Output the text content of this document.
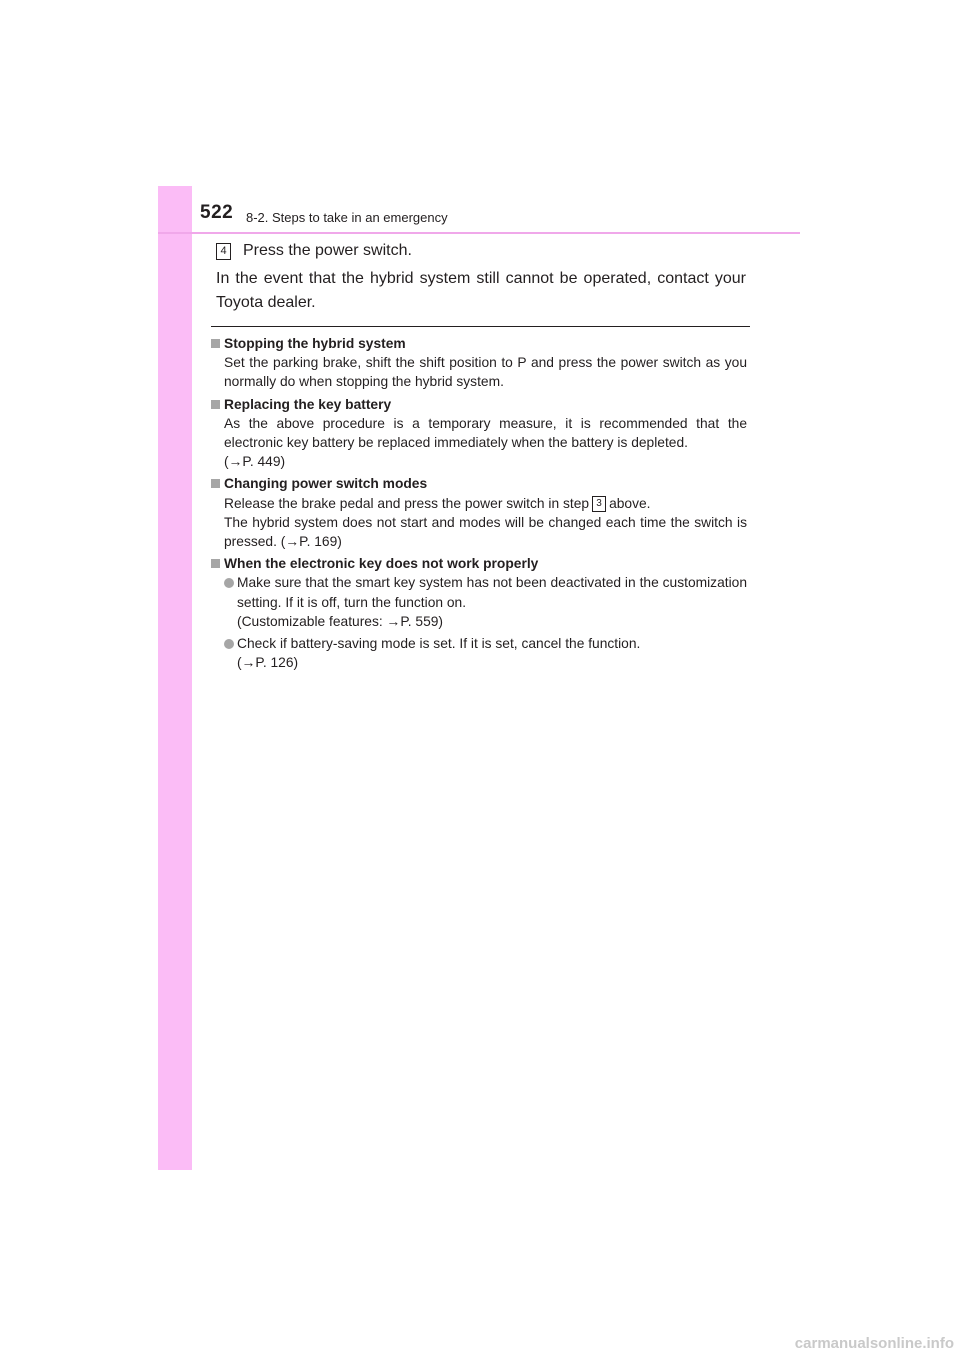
522 8-2. Steps to take in an emergency
4 Press the power switch.
In the event that the hybrid system still cannot be operated, contact your Toyota dealer.
Stopping the hybrid system
Set the parking brake, shift the shift position to P and press the power switch as you normally do when stopping the hybrid system.
Replacing the key battery
As the above procedure is a temporary measure, it is recommended that the electronic key battery be replaced immediately when the battery is depleted.
(→P. 449)
Changing power switch modes
Release the brake pedal and press the power switch in step 3 above.
The hybrid system does not start and modes will be changed each time the switch is pressed. (→P. 169)
When the electronic key does not work properly
Make sure that the smart key system has not been deactivated in the customization setting. If it is off, turn the function on.
(Customizable features: →P. 559)
Check if battery-saving mode is set. If it is set, cancel the function.
(→P. 126)
carmanualsonline.info
